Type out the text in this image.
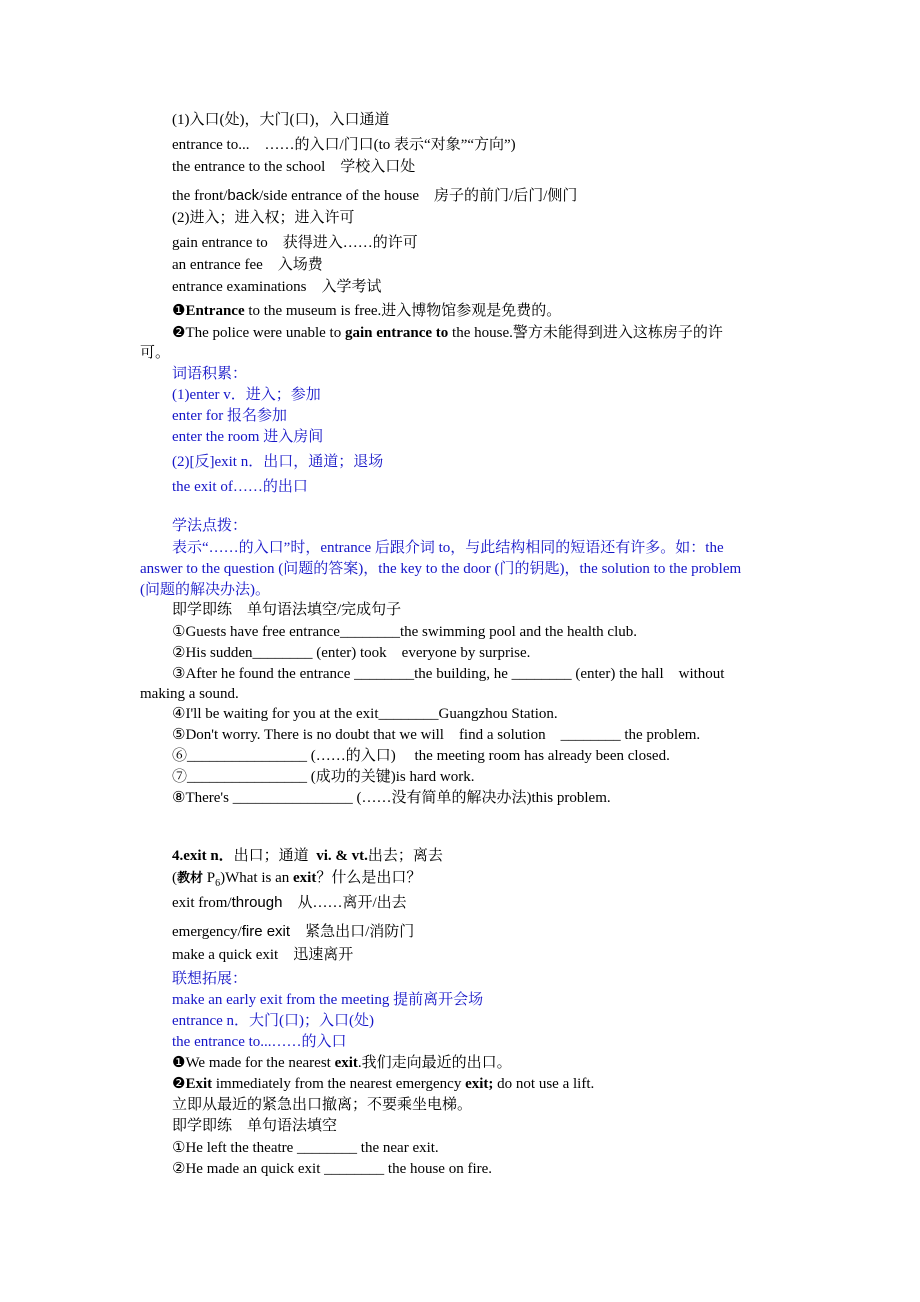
(1)入口(处)，大门(口)，入口通道
entrance to...　……的入口/门口(to 表示“对象”“方向”)
the entrance to the school　学校入口处
the front/back/side entrance of the house　房子的前门/后门/侧门
(2)进入；进入权；进入许可
gain entrance to　获得进入……的许可
an entrance fee　入场费
entrance examinations　入学考试
❶Entrance to the museum is free.进入博物馆参观是免费的。
❷The police were unable to gain entrance to the house.警方未能得到进入这栋房子的许
可。
词语积累：
(1)enter v．进入；参加
enter for 报名参加
enter the room 进入房间
(2)[反]exit n．出口，通道；退场
the exit of……的出口
学法点拨：
表示“……的入口”时，entrance 后跟介词 to，与此结构相同的短语还有许多。如：the
answer to the question (问题的答案)，the key to the door (门的钥匙)，the solution to the problem
(问题的解决办法)。
即学即练　单句语法填空/完成句子
①Guests have free entrance________the swimming pool and the health club.
②His sudden________ (enter) took　everyone by surprise.
③After he found the entrance ________the building, he ________ (enter) the hall　without
making a sound.
④I'll be waiting for you at the exit________Guangzhou Station.
⑤Don't worry. There is no doubt that we will　find a solution　________ the problem.
⑥________________ (……的入口)　 the meeting room has already been closed.
⑦________________ (成功的关键)is hard work.
⑧There's ________________ (……没有简单的解决办法)this problem.
4.exit n．出口；通道 vi. & vt.出去；离去
(教材 $P_6)What$ is an exit？什么是出口？
exit from/through　从……离开/出去
emergency/fire exit　紧急出口/消防门
make a quick exit　迅速离开
联想拓展：
make an early exit from the meeting 提前离开会场
entrance n．大门(口)；入口(处)
the entrance to...……的入口
❶We made for the nearest exit.我们走向最近的出口。
❷Exit immediately from the nearest emergency exit; do not use a lift.
立即从最近的紧急出口撤离；不要乘坐电梯。
即学即练　单句语法填空
①He left the theatre ________ the near exit.
②He made an quick exit ________ the house on fire.
